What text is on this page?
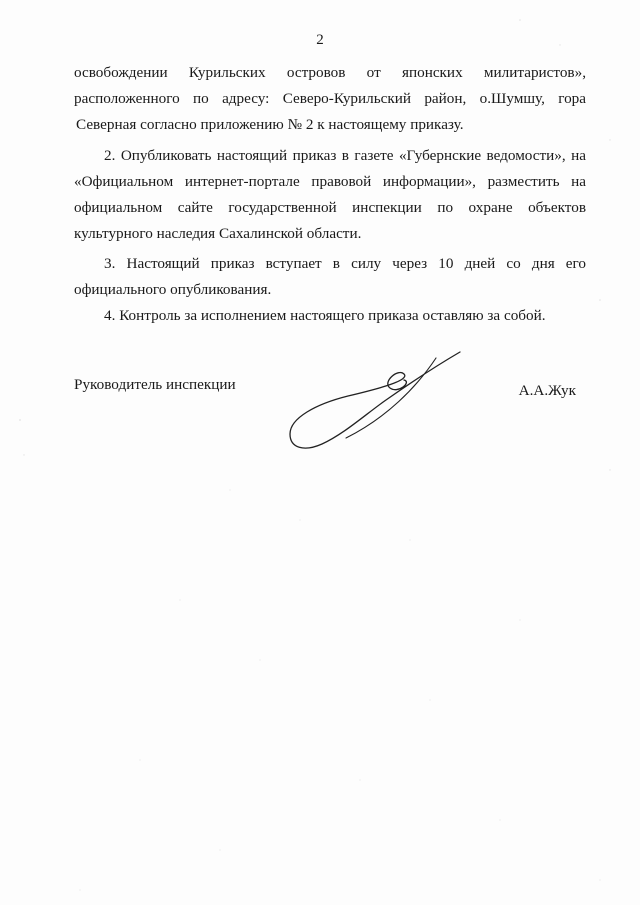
2
освобождении Курильских островов от японских милитаристов»,
расположенного по адресу: Северо-Курильский район, о.Шумшу, гора
Северная согласно приложению № 2 к настоящему приказу.
2. Опубликовать настоящий приказ в газете «Губернские ведомости», на
«Официальном интернет-портале правовой информации», разместить на
официальном сайте государственной инспекции по охране объектов
культурного наследия Сахалинской области.
3. Настоящий приказ вступает в силу через 10 дней со дня его
официального опубликования.
4. Контроль за исполнением настоящего приказа оставляю за собой.
Руководитель инспекции	А.А.Жук
